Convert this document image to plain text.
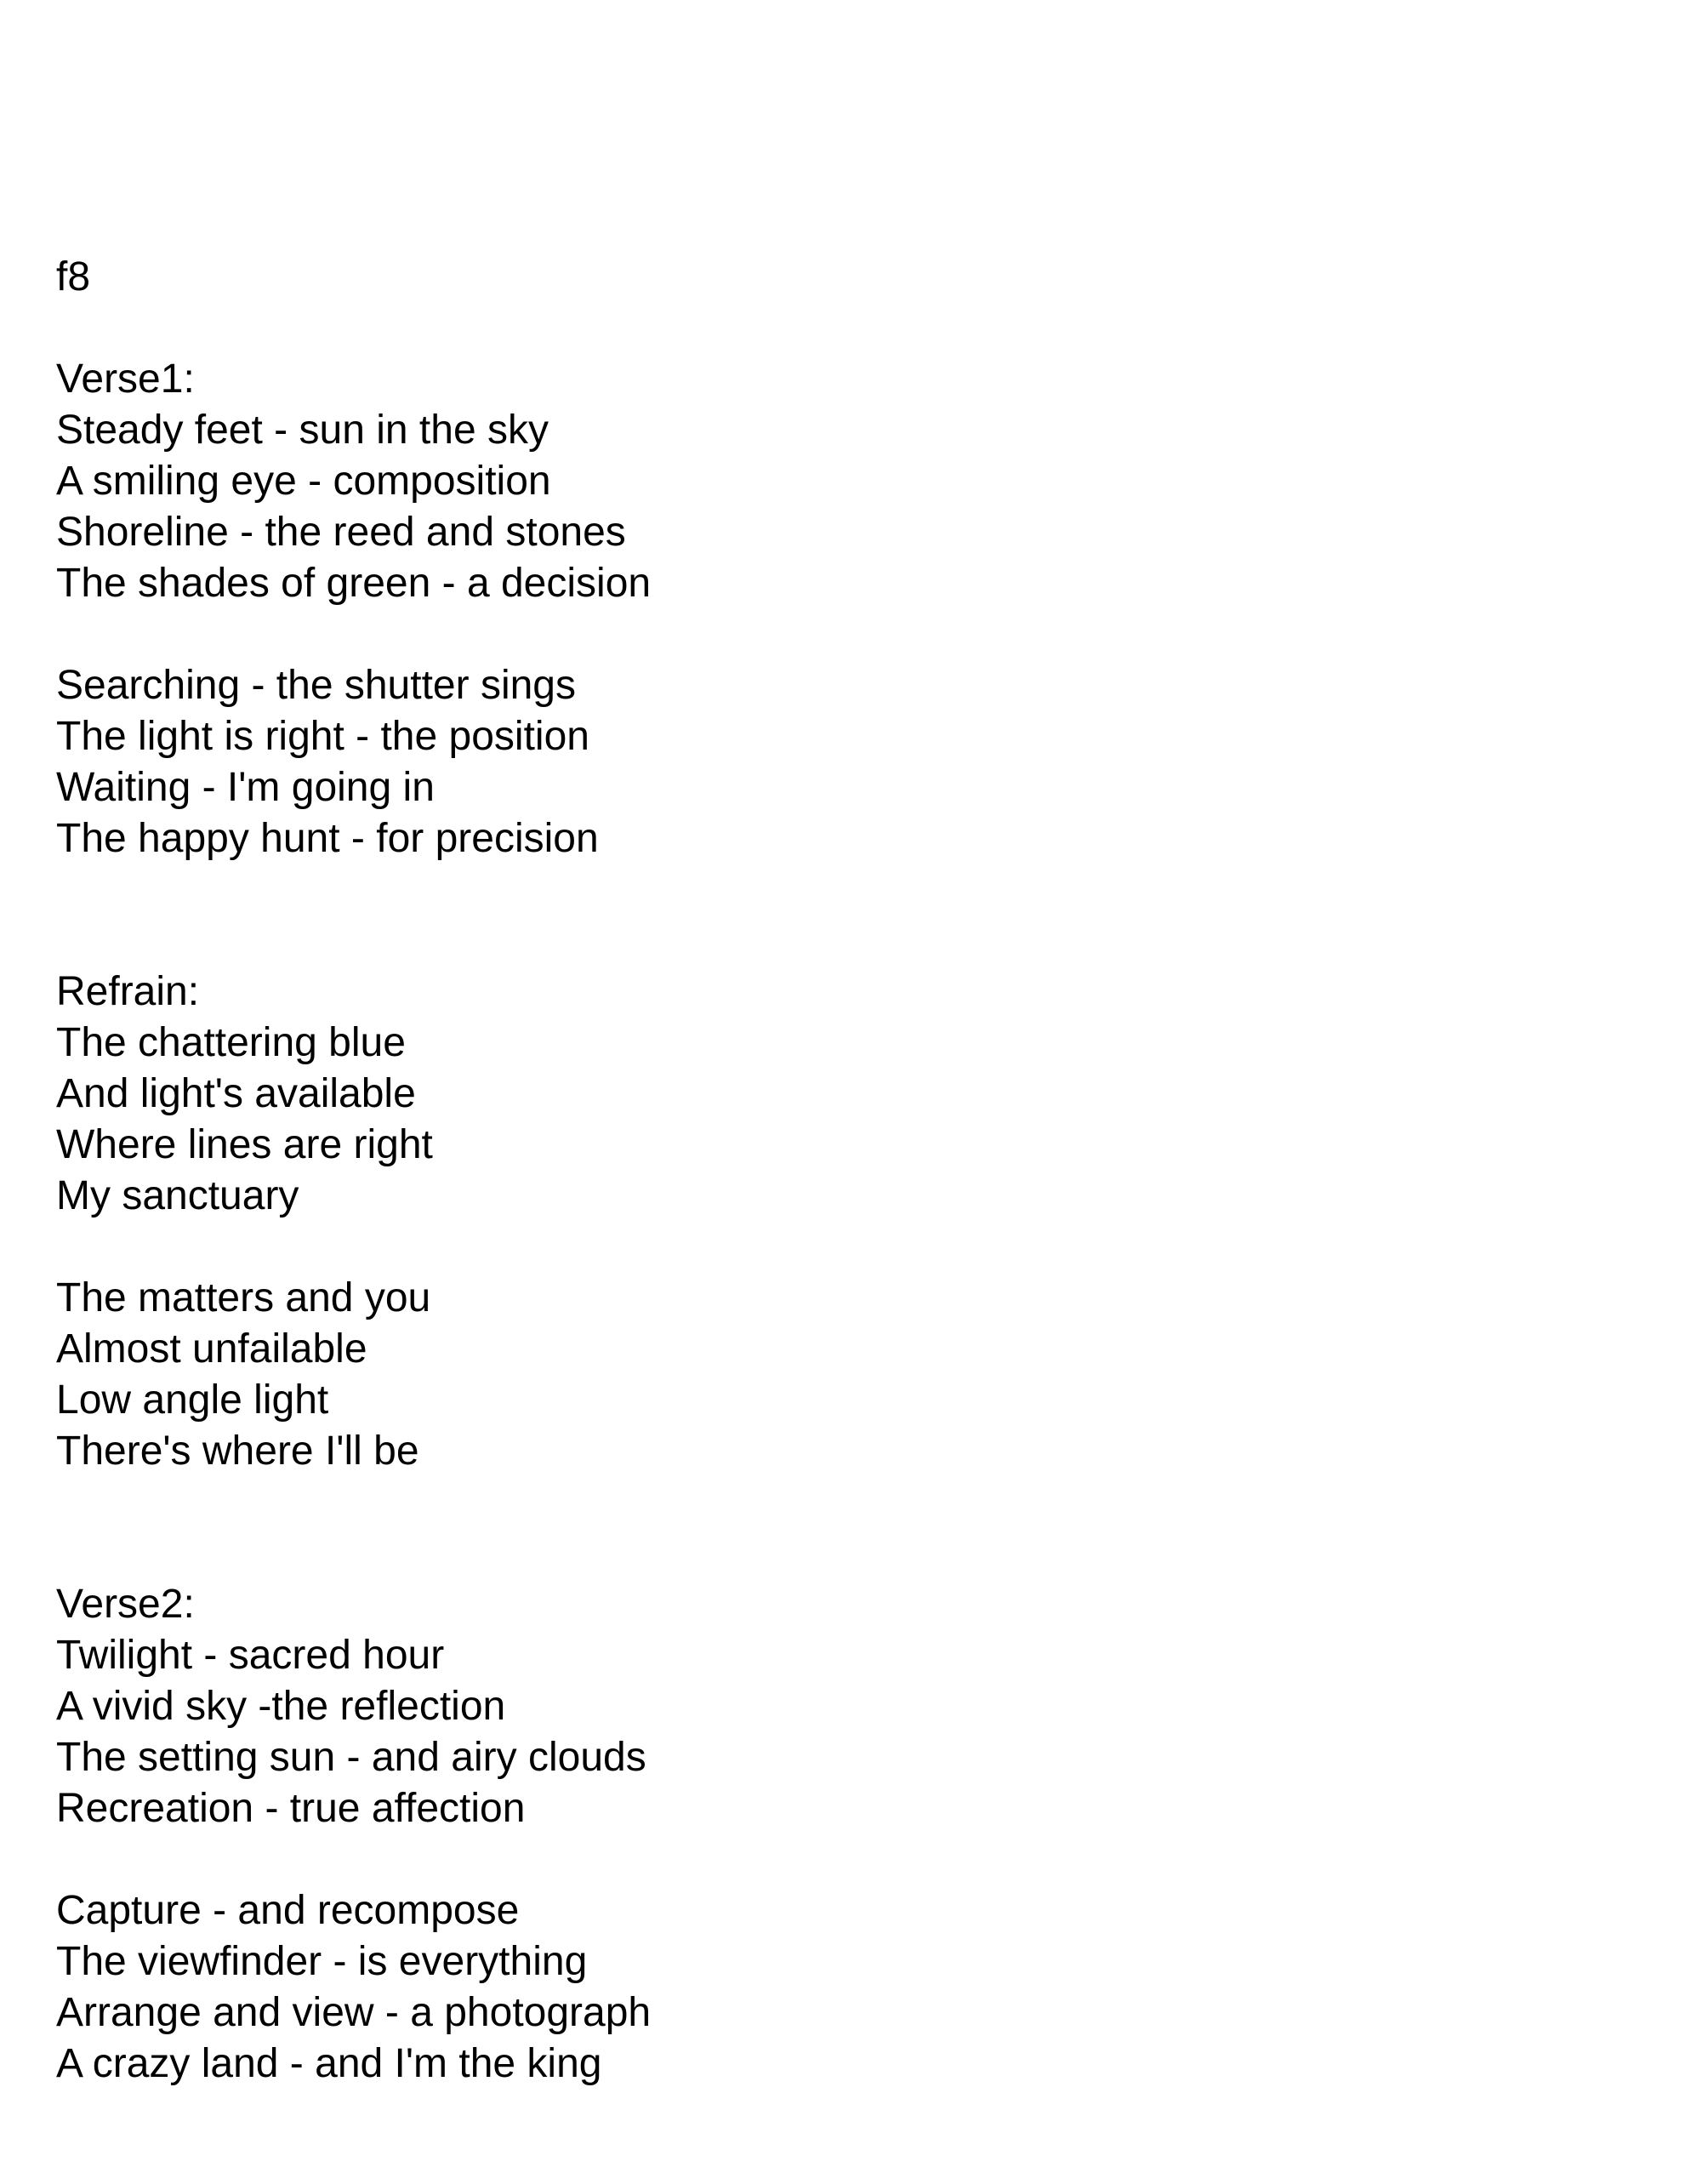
f8
Verse1:
Steady feet - sun in the sky
A smiling eye - composition
Shoreline - the reed and stones
The shades of green - a decision
Searching - the shutter sings
The light is right - the position
Waiting - I'm going in
The happy hunt - for precision
Refrain:
The chattering blue
And light's available
Where lines are right
My sanctuary
The matters and you
Almost unfailable
Low angle light
There's where I'll be
Verse2:
Twilight - sacred hour
A vivid sky -the reflection
The setting sun - and airy clouds
Recreation - true affection
Capture - and recompose
The viewfinder - is everything
Arrange and view - a photograph
A crazy land - and I'm the king
